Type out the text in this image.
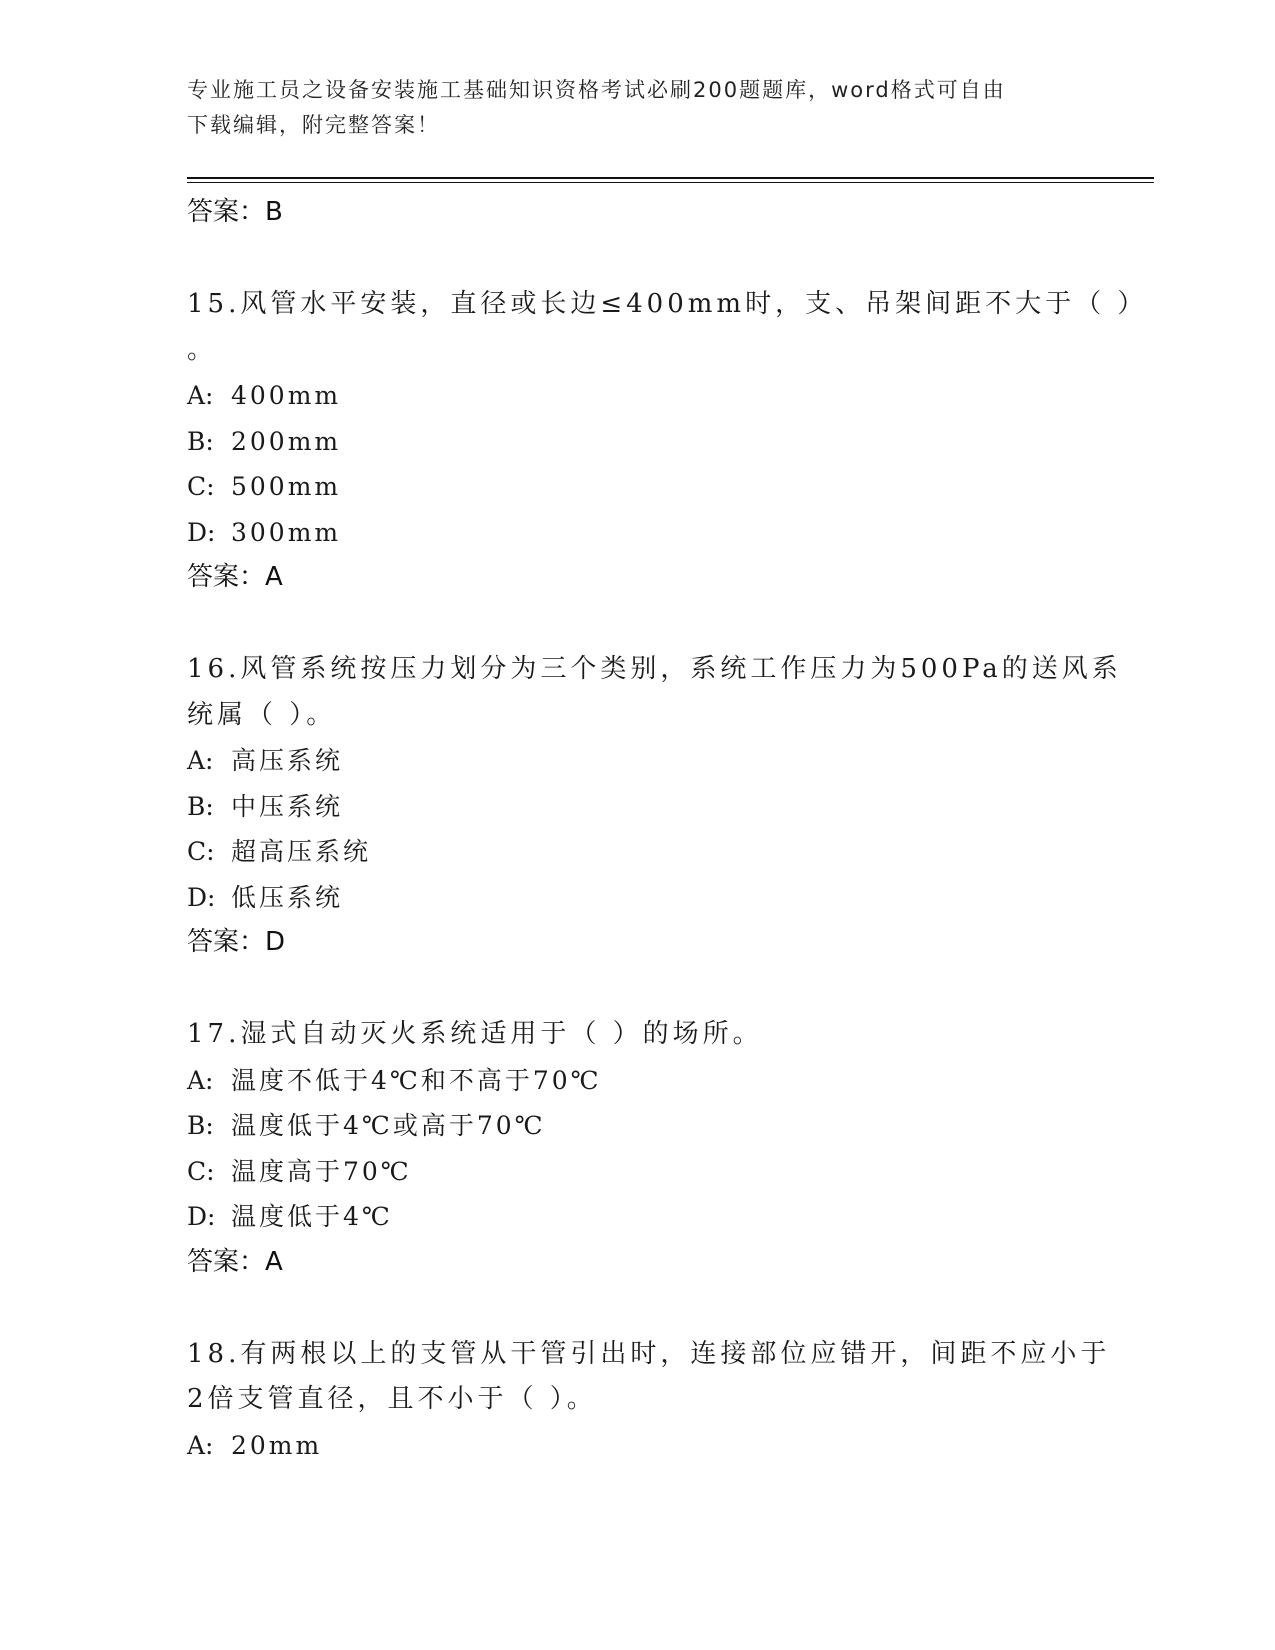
专业施工员之设备安装施工基础知识资格考试必刷200题题库，word格式可自由
下载编辑，附完整答案！
答案：B
15.风管水平安装，直径或长边≤400mm时，支、吊架间距不大于（ ）
。
A: 400mm
B: 200mm
C: 500mm
D: 300mm
答案：A
16.风管系统按压力划分为三个类别，系统工作压力为500Pa的送风系
统属（ ）。
A: 高压系统
B: 中压系统
C: 超高压系统
D: 低压系统
答案：D
17.湿式自动灭火系统适用于（ ）的场所。
A: 温度不低于4℃和不高于70℃
B: 温度低于4℃或高于70℃
C: 温度高于70℃
D: 温度低于4℃
答案：A
18.有两根以上的支管从干管引出时，连接部位应错开，间距不应小于
2倍支管直径，且不小于（ ）。
A: 20mm
